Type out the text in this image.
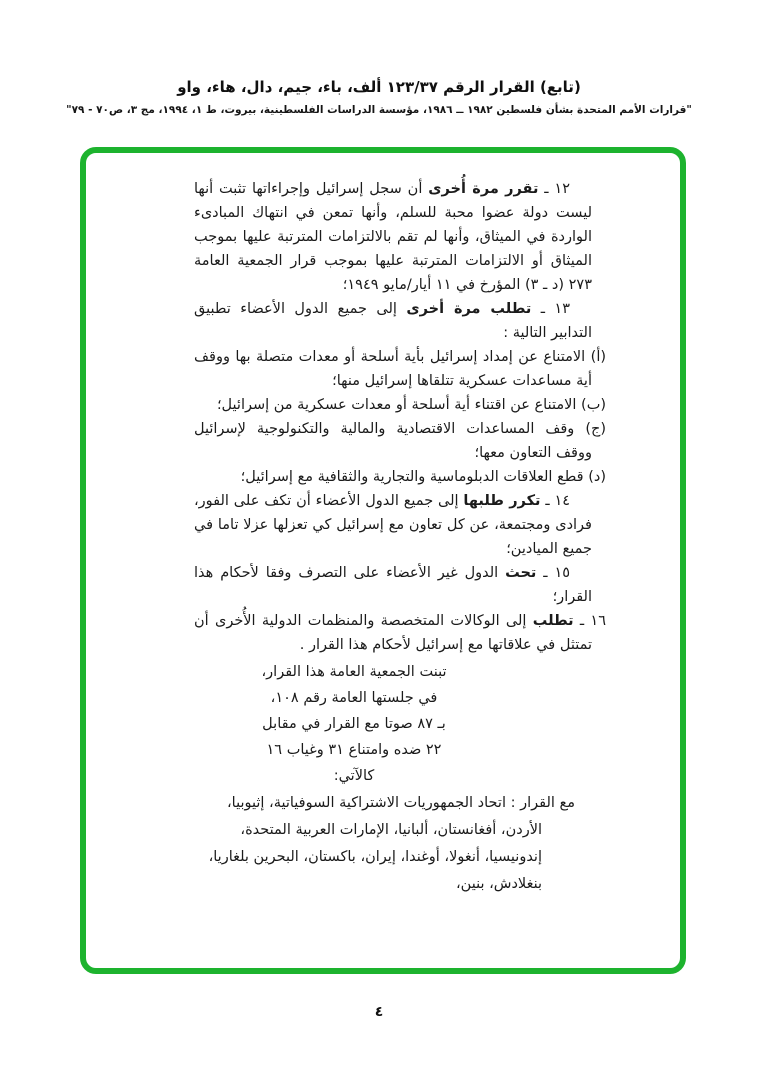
(تابع) القرار الرقم ١٢٣/٣٧ ألف، باء، جيم، دال، هاء، واو
"قرارات الأمم المتحدة بشأن فلسطين ١٩٨٢ ــ ١٩٨٦، مؤسسة الدراسات الفلسطينية، بيروت، ط ١، ١٩٩٤، مج ٣، ص٧٠ - ٧٩"

١٢ ـ تقرر مرة أُخرى أن سجل إسرائيل وإجراءاتها تثبت أنها ليست دولة عضوا محبة للسلم، وأنها تمعن في انتهاك المبادىء الواردة في الميثاق، وأنها لم تقم بالالتزامات المترتبة عليها بموجب الميثاق أو الالتزامات المترتبة عليها بموجب قرار الجمعية العامة ٢٧٣ (د ـ ٣) المؤرخ في ١١ أيار/مايو ١٩٤٩؛

١٣ ـ تطلب مرة أخرى إلى جميع الدول الأعضاء تطبيق التدابير التالية :

(أ) الامتناع عن إمداد إسرائيل بأية أسلحة أو معدات متصلة بها ووقف أية مساعدات عسكرية تتلقاها إسرائيل منها؛

(ب) الامتناع عن اقتناء أية أسلحة أو معدات عسكرية من إسرائيل؛

(ج) وقف المساعدات الاقتصادية والمالية والتكنولوجية لإسرائيل ووقف التعاون معها؛

(د) قطع العلاقات الدبلوماسية والتجارية والثقافية مع إسرائيل؛

١٤ ـ تكرر طلبها إلى جميع الدول الأعضاء أن تكف على الفور، فرادى ومجتمعة، عن كل تعاون مع إسرائيل كي تعزلها عزلا تاما في جميع الميادين؛

١٥ ـ تحث الدول غير الأعضاء على التصرف وفقا لأحكام هذا القرار؛

١٦ ـ تطلب إلى الوكالات المتخصصة والمنظمات الدولية الأُخرى أن تمتثل في علاقاتها مع إسرائيل لأحكام هذا القرار .

تبنت الجمعية العامة هذا القرار،
في جلستها العامة رقم ١٠٨،
بـ ٨٧ صوتا مع القرار في مقابل
٢٢ ضده وامتناع ٣١ وغياب ١٦
كالآتي:
مع القرار : اتحاد الجمهوريات الاشتراكية السوفياتية، إثيوبيا، الأردن، أفغانستان، ألبانيا، الإمارات العربية المتحدة، إندونيسيا، أنغولا، أوغندا، إيران، باكستان، البحرين بلغاريا، بنغلادش، بنين،
٤
